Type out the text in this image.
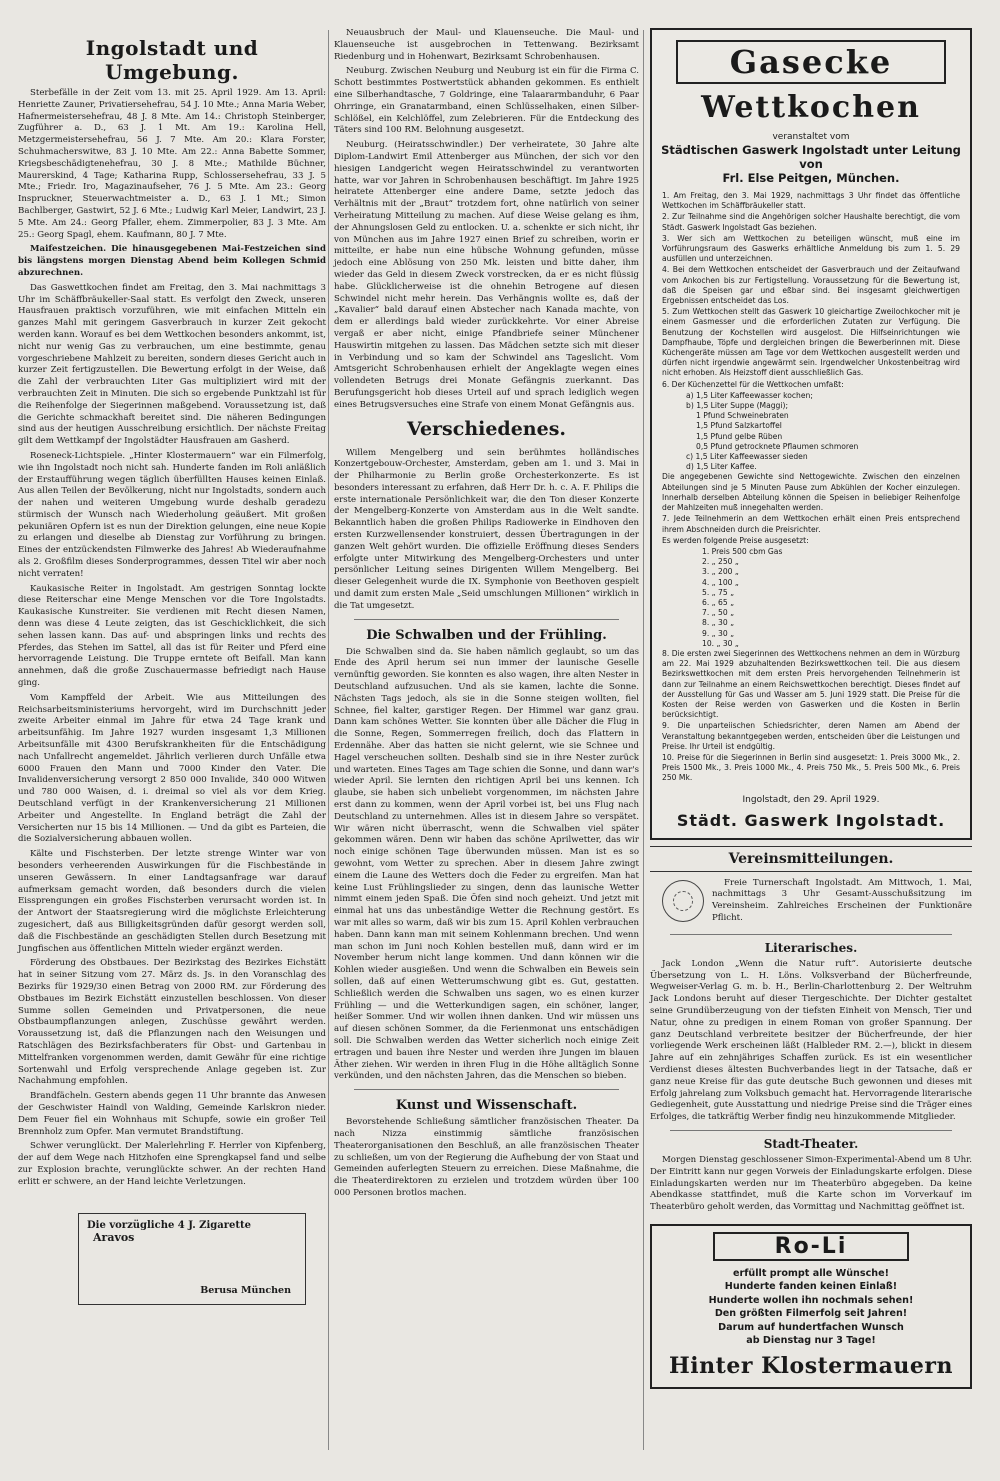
Ingolstadt und Umgebung.

Sterbefälle in der Zeit vom 13. mit 25. April 1929. Am 13. April: Henriette Zauner, Privatiersehefrau, 54 J. 10 Mte.; Anna Maria Weber, Hafnermeistersehefrau, 48 J. 8 Mte. Am 14.: Christoph Steinberger, Zugführer a. D., 63 J. 1 Mt. Am 19.: Karolina Hell, Metzgermeistersehefrau, 56 J. 7 Mte. Am 20.: Klara Forster, Schuhmacherswitwe, 83 J. 10 Mte. Am 22.: Anna Babette Sommer, Kriegsbeschädigtenehefrau, 30 J. 8 Mte.; Mathilde Büchner, Maurerskind, 4 Tage; Katharina Rupp, Schlossersehefrau, 33 J. 5 Mte.; Friedr. Iro, Magazinaufseher, 76 J. 5 Mte. Am 23.: Georg Inspruckner, Steuerwachtmeister a. D., 63 J. 1 Mt.; Simon Bachlberger, Gastwirt, 52 J. 6 Mte.; Ludwig Karl Meier, Landwirt, 23 J. 5 Mte. Am 24.: Georg Pfaller, ehem. Zimmerpolier, 83 J. 3 Mte. Am 25.: Georg Spagl, ehem. Kaufmann, 80 J. 7 Mte.

Maifestzeichen. Die hinausgegebenen Mai-Festzeichen sind bis längstens morgen Dienstag Abend beim Kollegen Schmid abzurechnen.

Das Gaswettkochen findet am Freitag, den 3. Mai nachmittags 3 Uhr im Schäffbräukeller-Saal statt. Es verfolgt den Zweck, unseren Hausfrauen praktisch vorzuführen, wie mit einfachen Mitteln ein ganzes Mahl mit geringem Gasverbrauch in kurzer Zeit gekocht werden kann. Worauf es bei dem Wettkochen besonders ankommt, ist, nicht nur wenig Gas zu verbrauchen, um eine bestimmte, genau vorgeschriebene Mahlzeit zu bereiten, sondern dieses Gericht auch in kurzer Zeit fertigzustellen. Die Bewertung erfolgt in der Weise, daß die Zahl der verbrauchten Liter Gas multipliziert wird mit der verbrauchten Zeit in Minuten. Die sich so ergebende Punktzahl ist für die Reihenfolge der Siegerinnen maßgebend. Voraussetzung ist, daß die Gerichte schmackhaft bereitet sind. Die näheren Bedingungen sind aus der heutigen Ausschreibung ersichtlich. Der nächste Freitag gilt dem Wettkampf der Ingolstädter Hausfrauen am Gasherd.

Roseneck-Lichtspiele. „Hinter Klostermauern“ war ein Filmerfolg, wie ihn Ingolstadt noch nicht sah. Hunderte fanden im Roli anläßlich der Erstaufführung wegen täglich überfüllten Hauses keinen Einlaß. Aus allen Teilen der Bevölkerung, nicht nur Ingolstadts, sondern auch der nahen und weiteren Umgebung wurde deshalb geradezu stürmisch der Wunsch nach Wiederholung geäußert. Mit großen pekuniären Opfern ist es nun der Direktion gelungen, eine neue Kopie zu erlangen und dieselbe ab Dienstag zur Vorführung zu bringen. Eines der entzückendsten Filmwerke des Jahres! Ab Wiederaufnahme als 2. Großfilm dieses Sonderprogrammes, dessen Titel wir aber noch nicht verraten!

Kaukasische Reiter in Ingolstadt. Am gestrigen Sonntag lockte diese Reiterschar eine Menge Menschen vor die Tore Ingolstadts. Kaukasische Kunstreiter. Sie verdienen mit Recht diesen Namen, denn was diese 4 Leute zeigten, das ist Geschicklichkeit, die sich sehen lassen kann. Das auf- und abspringen links und rechts des Pferdes, das Stehen im Sattel, all das ist für Reiter und Pferd eine hervorragende Leistung. Die Truppe erntete oft Beifall. Man kann annehmen, daß die große Zuschauermasse befriedigt nach Hause ging.

Vom Kampffeld der Arbeit. Wie aus Mitteilungen des Reichsarbeitsministeriums hervorgeht, wird im Durchschnitt jeder zweite Arbeiter einmal im Jahre für etwa 24 Tage krank und arbeitsunfähig. Im Jahre 1927 wurden insgesamt 1,3 Millionen Arbeitsunfälle mit 4300 Berufskrankheiten für die Entschädigung nach Unfallrecht angemeldet. Jährlich verlieren durch Unfälle etwa 6000 Frauen den Mann und 7000 Kinder den Vater. Die Invalidenversicherung versorgt 2 850 000 Invalide, 340 000 Witwen und 780 000 Waisen, d. i. dreimal so viel als vor dem Krieg. Deutschland verfügt in der Krankenversicherung 21 Millionen Arbeiter und Angestellte. In England beträgt die Zahl der Versicherten nur 15 bis 14 Millionen. — Und da gibt es Parteien, die die Sozialversicherung abbauen wollen.

Kälte und Fischsterben. Der letzte strenge Winter war von besonders verheerenden Auswirkungen für die Fischbestände in unseren Gewässern. In einer Landtagsanfrage war darauf aufmerksam gemacht worden, daß besonders durch die vielen Eissprengungen ein großes Fischsterben verursacht worden ist. In der Antwort der Staatsregierung wird die möglichste Erleichterung zugesichert, daß aus Billigkeitsgründen dafür gesorgt werden soll, daß die Fischbestände an geschädigten Stellen durch Besetzung mit Jungfischen aus öffentlichen Mitteln wieder ergänzt werden.

Förderung des Obstbaues. Der Bezirkstag des Bezirkes Eichstätt hat in seiner Sitzung vom 27. März ds. Js. in den Voranschlag des Bezirks für 1929/30 einen Betrag von 2000 RM. zur Förderung des Obstbaues im Bezirk Eichstätt einzustellen beschlossen. Von dieser Summe sollen Gemeinden und Privatpersonen, die neue Obstbaumpflanzungen anlegen, Zuschüsse gewährt werden. Voraussetzung ist, daß die Pflanzungen nach den Weisungen und Ratschlägen des Bezirksfachberaters für Obst- und Gartenbau in Mittelfranken vorgenommen werden, damit Gewähr für eine richtige Sortenwahl und Erfolg versprechende Anlage gegeben ist. Zur Nachahmung empfohlen.

Brandfächeln. Gestern abends gegen 11 Uhr brannte das Anwesen der Geschwister Haindl von Walding, Gemeinde Karlskron nieder. Dem Feuer fiel ein Wohnhaus mit Schupfe, sowie ein großer Teil Brennholz zum Opfer. Man vermutet Brandstiftung.

Schwer verunglückt. Der Malerlehrling F. Herrler von Kipfenberg, der auf dem Wege nach Hitzhofen eine Sprengkapsel fand und selbe zur Explosion brachte, verunglückte schwer. An der rechten Hand erlitt er schwere, an der Hand leichte Verletzungen.

Die vorzügliche 4 J. Zigarette
Aravos
Berusa München

Neuausbruch der Maul- und Klauenseuche. Die Maul- und Klauenseuche ist ausgebrochen in Tettenwang. Bezirksamt Riedenburg und in Hohenwart, Bezirksamt Schrobenhausen.

Neuburg. Zwischen Neuburg und Neuburg ist ein für die Firma C. Schott bestimmtes Postwertstück abhanden gekommen. Es enthielt eine Silberhandtasche, 7 Goldringe, eine Talaararmbanduhr, 6 Paar Ohrringe, ein Granatarmband, einen Schlüsselhaken, einen Silber-Schlößel, ein Kelchlöffel, zum Zelebrieren. Für die Entdeckung des Täters sind 100 RM. Belohnung ausgesetzt.

Neuburg. (Heiratsschwindler.) Der verheiratete, 30 Jahre alte Diplom-Landwirt Emil Attenberger aus München, der sich vor den hiesigen Landgericht wegen Heiratsschwindel zu verantworten hatte, war vor Jahren in Schrobenhausen beschäftigt. Im Jahre 1925 heiratete Attenberger eine andere Dame, setzte jedoch das Verhältnis mit der „Braut“ trotzdem fort, ohne natürlich von seiner Verheiratung Mitteilung zu machen. Auf diese Weise gelang es ihm, der Ahnungslosen Geld zu entlocken. U. a. schenkte er sich nicht, ihr von München aus im Jahre 1927 einen Brief zu schreiben, worin er mitteilte, er habe nun eine hübsche Wohnung gefunden, müsse jedoch eine Ablösung von 250 Mk. leisten und bitte daher, ihm wieder das Geld in diesem Zweck vorstrecken, da er es nicht flüssig habe. Glücklicherweise ist die ohnehin Betrogene auf diesen Schwindel nicht mehr herein. Das Verhängnis wollte es, daß der „Kavalier“ bald darauf einen Abstecher nach Kanada machte, von dem er allerdings bald wieder zurückkehrte. Vor einer Abreise vergaß er aber nicht, einige Pfandbriefe seiner Münchener Hauswirtin mitgehen zu lassen. Das Mädchen setzte sich mit dieser in Verbindung und so kam der Schwindel ans Tageslicht. Vom Amtsgericht Schrobenhausen erhielt der Angeklagte wegen eines vollendeten Betrugs drei Monate Gefängnis zuerkannt. Das Berufungsgericht hob dieses Urteil auf und sprach lediglich wegen eines Betrugsversuches eine Strafe von einem Monat Gefängnis aus.

Verschiedenes.

Willem Mengelberg und sein berühmtes holländisches Konzertgebouw-Orchester, Amsterdam, geben am 1. und 3. Mai in der Philharmonie zu Berlin große Orchesterkonzerte. Es ist besonders interessant zu erfahren, daß Herr Dr. h. c. A. F. Philips die erste internationale Persönlichkeit war, die den Ton dieser Konzerte der Mengelberg-Konzerte von Amsterdam aus in die Welt sandte. Bekanntlich haben die großen Philips Radiowerke in Eindhoven den ersten Kurzwellensender konstruiert, dessen Übertragungen in der ganzen Welt gehört wurden. Die offizielle Eröffnung dieses Senders erfolgte unter Mitwirkung des Mengelberg-Orchesters und unter persönlicher Leitung seines Dirigenten Willem Mengelberg. Bei dieser Gelegenheit wurde die IX. Symphonie von Beethoven gespielt und damit zum ersten Male „Seid umschlungen Millionen“ wirklich in die Tat umgesetzt.

Die Schwalben und der Frühling.

Die Schwalben sind da. Sie haben nämlich geglaubt, so um das Ende des April herum sei nun immer der launische Geselle vernünftig geworden. Sie konnten es also wagen, ihre alten Nester in Deutschland aufzusuchen. Und als sie kamen, lachte die Sonne. Nächsten Tags jedoch, als sie in die Sonne steigen wollten, fiel Schnee, fiel kalter, garstiger Regen. Der Himmel war ganz grau. Dann kam schönes Wetter. Sie konnten über alle Dächer die Flug in die Sonne, Regen, Sommerregen freilich, doch das Flattern in Erdennähe. Aber das hatten sie nicht gelernt, wie sie Schnee und Hagel verscheuchen sollten. Deshalb sind sie in ihre Nester zurück und warteten. Eines Tages am Tage schien die Sonne, und dann war's wieder April. Sie lernten den richtigen April bei uns kennen. Ich glaube, sie haben sich unbeliebt vorgenommen, im nächsten Jahre erst dann zu kommen, wenn der April vorbei ist, bei uns Flug nach Deutschland zu unternehmen. Alles ist in diesem Jahre so verspätet. Wir wären nicht überrascht, wenn die Schwalben viel später gekommen wären. Denn wir haben das schöne Aprilwetter, das wir noch einige schönen Tage überwunden müssen. Man ist es so gewohnt, vom Wetter zu sprechen. Aber in diesem Jahre zwingt einem die Laune des Wetters doch die Feder zu ergreifen. Man hat keine Lust Frühlingslieder zu singen, denn das launische Wetter nimmt einem jeden Spaß. Die Öfen sind noch geheizt. Und jetzt mit einmal hat uns das unbeständige Wetter die Rechnung gestört. Es war mit alles so warm, daß wir bis zum 15. April Kohlen verbrauchen haben. Dann kann man mit seinem Kohlenmann brechen. Und wenn man schon im Juni noch Kohlen bestellen muß, dann wird er im November herum nicht lange kommen. Und dann können wir die Kohlen wieder ausgießen. Und wenn die Schwalben ein Beweis sein sollen, daß auf einen Wetterumschwung gibt es. Gut, gestatten. Schließlich werden die Schwalben uns sagen, wo es einen kurzer Frühling — und die Wetterkundigen sagen, ein schöner, langer, heißer Sommer. Und wir wollen ihnen danken. Und wir müssen uns auf diesen schönen Sommer, da die Ferienmonat uns entschädigen soll. Die Schwalben werden das Wetter sicherlich noch einige Zeit ertragen und bauen ihre Nester und werden ihre Jungen im blauen Äther ziehen. Wir werden in ihren Flug in die Höhe alltäglich Sonne verkünden, und den nächsten Jahren, das die Menschen so bieben.

Kunst und Wissenschaft.

Bevorstehende Schließung sämtlicher französischen Theater. Da nach Nizza einstimmig sämtliche französischen Theaterorganisationen den Beschluß, an alle französischen Theater zu schließen, um von der Regierung die Aufhebung der von Staat und Gemeinden auferlegten Steuern zu erreichen. Diese Maßnahme, die die Theaterdirektoren zu erzielen und trotzdem würden über 100 000 Personen brotlos machen.

Gasecke
Wettkochen
veranstaltet vom
Städtischen Gaswerk Ingolstadt unter Leitung von
Frl. Else Peitgen, München.
1. Am Freitag, den 3. Mai 1929, nachmittags 3 Uhr findet das öffentliche Wettkochen im Schäffbräukeller statt.
2. Zur Teilnahme sind die Angehörigen solcher Haushalte berechtigt, die vom Städt. Gaswerk Ingolstadt Gas beziehen.
3. Wer sich am Wettkochen zu beteiligen wünscht, muß eine im Vorführungsraum des Gaswerks erhältliche Anmeldung bis zum 1. 5. 29 ausfüllen und unterzeichnen.
4. Bei dem Wettkochen entscheidet der Gasverbrauch und der Zeitaufwand vom Ankochen bis zur Fertigstellung. Voraussetzung für die Bewertung ist, daß die Speisen gar und eßbar sind. Bei insgesamt gleichwertigen Ergebnissen entscheidet das Los.
5. Zum Wettkochen stellt das Gaswerk 10 gleichartige Zweilochkocher mit je einem Gasmesser und die erforderlichen Zutaten zur Verfügung. Die Benutzung der Kochstellen wird ausgelost. Die Hilfseinrichtungen wie Dampfhaube, Töpfe und dergleichen bringen die Bewerberinnen mit. Diese Küchengeräte müssen am Tage vor dem Wettkochen ausgestellt werden und dürfen nicht irgendwie angewärmt sein. Irgendwelcher Unkostenbeitrag wird nicht erhoben. Als Heizstoff dient ausschließlich Gas.
6. Der Küchenzettel für die Wettkochen umfaßt:
a) 1,5 Liter Kaffeewasser kochen;
b) 1,5 Liter Suppe (Maggi);
1 Pfund Schweinebraten
1,5 Pfund Salzkartoffel
1,5 Pfund gelbe Rüben
0,5 Pfund getrocknete Pflaumen schmoren
c) 1,5 Liter Kaffeewasser sieden
d) 1,5 Liter Kaffee.
Die angegebenen Gewichte sind Nettogewichte. Zwischen den einzelnen Abteilungen sind je 5 Minuten Pause zum Abkühlen der Kocher einzulegen. Innerhalb derselben Abteilung können die Speisen in beliebiger Reihenfolge der Mahlzeiten muß innegehalten werden.
7. Jede Teilnehmerin an dem Wettkochen erhält einen Preis entsprechend ihrem Abschneiden durch die Preisrichter.
Es werden folgende Preise ausgesetzt:
1. Preis 500 cbm Gas
2. „ 250 „
3. „ 200 „
4. „ 100 „
5. „ 75 „
6. „ 65 „
7. „ 50 „
8. „ 30 „
9. „ 30 „
10. „ 30 „
8. Die ersten zwei Siegerinnen des Wettkochens nehmen an dem in Würzburg am 22. Mai 1929 abzuhaltenden Bezirkswettkochen teil. Die aus diesem Bezirkswettkochen mit dem ersten Preis hervorgehenden Teilnehmerin ist dann zur Teilnahme an einem Reichswettkochen berechtigt. Dieses findet auf der Ausstellung für Gas und Wasser am 5. Juni 1929 statt. Die Preise für die Kosten der Reise werden von Gaswerken und die Kosten in Berlin berücksichtigt.
9. Die unparteiischen Schiedsrichter, deren Namen am Abend der Veranstaltung bekanntgegeben werden, entscheiden über die Leistungen und Preise. Ihr Urteil ist endgültig.
10. Preise für die Siegerinnen in Berlin sind ausgesetzt: 1. Preis 3000 Mk., 2. Preis 1500 Mk., 3. Preis 1000 Mk., 4. Preis 750 Mk., 5. Preis 500 Mk., 6. Preis 250 Mk.
Ingolstadt, den 29. April 1929.
Städt. Gaswerk Ingolstadt.
Vereinsmitteilungen.

Freie Turnerschaft Ingolstadt. Am Mittwoch, 1. Mai, nachmittags 3 Uhr Gesamt-Ausschußsitzung im Vereinsheim. Zahlreiches Erscheinen der Funktionäre Pflicht.

Literarisches.

Jack London „Wenn die Natur ruft“. Autorisierte deutsche Übersetzung von L. H. Löns. Volksverband der Bücherfreunde, Wegweiser-Verlag G. m. b. H., Berlin-Charlottenburg 2. Der Weltruhm Jack Londons beruht auf dieser Tiergeschichte. Der Dichter gestaltet seine Grundüberzeugung von der tiefsten Einheit von Mensch, Tier und Natur, ohne zu predigen in einem Roman von großer Spannung. Der ganz Deutschland verbreitete besitzer der Bücherfreunde, der hier vorliegende Werk erscheinen läßt (Halbleder RM. 2.—), blickt in diesem Jahre auf ein zehnjähriges Schaffen zurück. Es ist ein wesentlicher Verdienst dieses ältesten Buchverbandes liegt in der Tatsache, daß er ganz neue Kreise für das gute deutsche Buch gewonnen und dieses mit Erfolg jahrelang zum Volksbuch gemacht hat. Hervorragende literarische Gediegenheit, gute Ausstattung und niedrige Preise sind die Träger eines Erfolges, die tatkräftig Werber findig neu hinzukommende Mitglieder.

Stadt-Theater.

Morgen Dienstag geschlossener Simon-Experimental-Abend um 8 Uhr. Der Eintritt kann nur gegen Vorweis der Einladungskarte erfolgen. Diese Einladungskarten werden nur im Theaterbüro abgegeben. Da keine Abendkasse stattfindet, muß die Karte schon im Vorverkauf im Theaterbüro geholt werden, das Vormittag und Nachmittag geöffnet ist.

Ro-Li
erfüllt prompt alle Wünsche!
Hunderte fanden keinen Einlaß!
Hunderte wollen ihn nochmals sehen!
Den größten Filmerfolg seit Jahren!
Darum auf hundertfachen Wunsch
ab Dienstag nur 3 Tage!
Hinter Klostermauern
